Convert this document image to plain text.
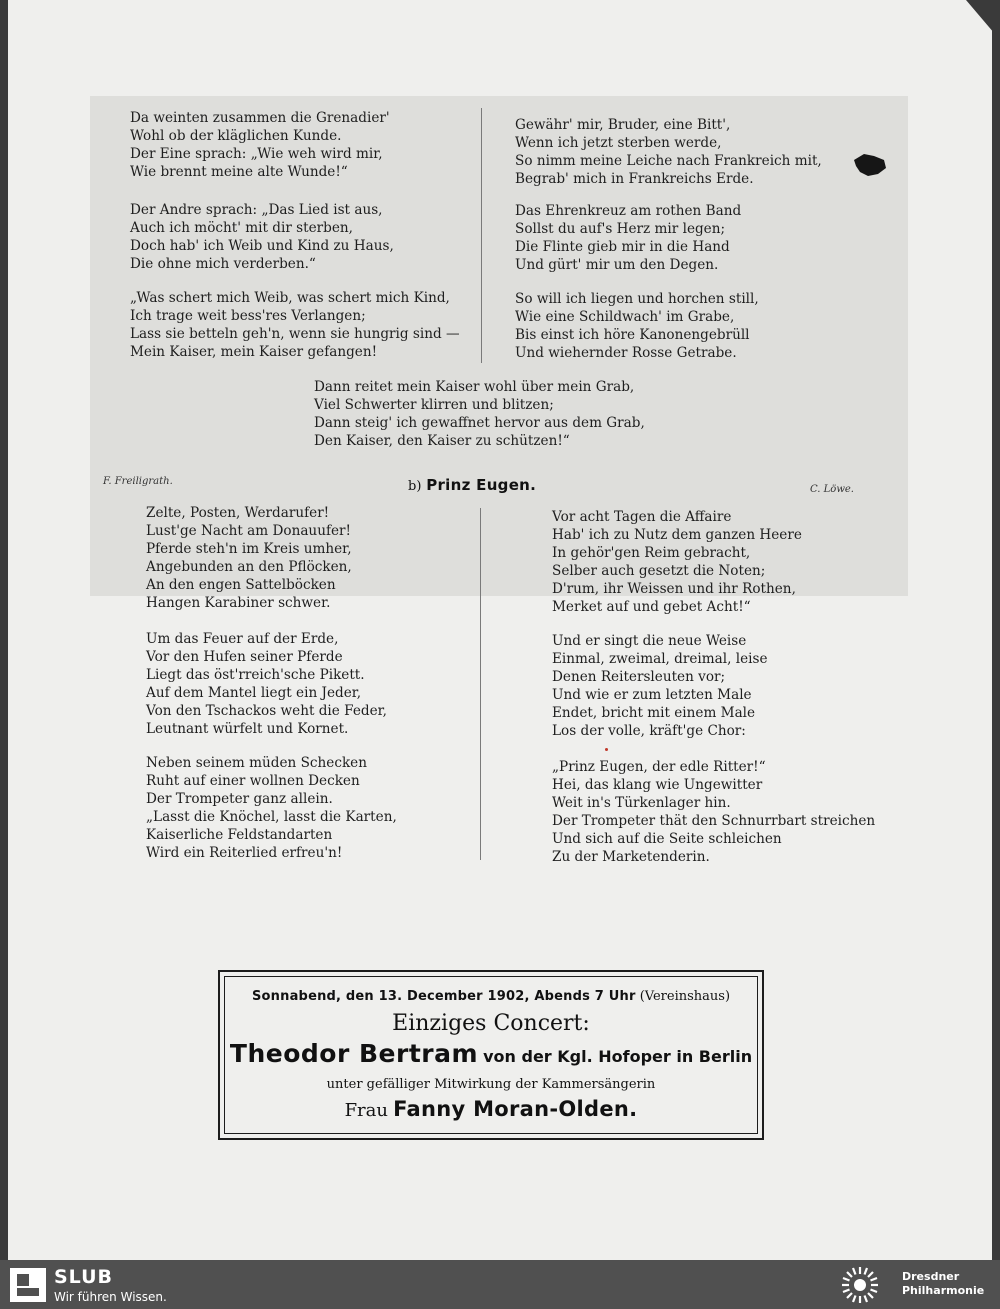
Da weinten zusammen die Grenadier'
Wohl ob der kläglichen Kunde.
Der Eine sprach: „Wie weh wird mir,
Wie brennt meine alte Wunde!“

Der Andre sprach: „Das Lied ist aus,
Auch ich möcht' mit dir sterben,
Doch hab' ich Weib und Kind zu Haus,
Die ohne mich verderben.“

„Was schert mich Weib, was schert mich Kind,
Ich trage weit bess'res Verlangen;
Lass sie betteln geh'n, wenn sie hungrig sind —
Mein Kaiser, mein Kaiser gefangen!

Gewähr' mir, Bruder, eine Bitt',
Wenn ich jetzt sterben werde,
So nimm meine Leiche nach Frankreich mit,
Begrab' mich in Frankreichs Erde.

Das Ehrenkreuz am rothen Band
Sollst du auf's Herz mir legen;
Die Flinte gieb mir in die Hand
Und gürt' mir um den Degen.

So will ich liegen und horchen still,
Wie eine Schildwach' im Grabe,
Bis einst ich höre Kanonengebrüll
Und wiehernder Rosse Getrabe.

Dann reitet mein Kaiser wohl über mein Grab,
Viel Schwerter klirren und blitzen;
Dann steig' ich gewaffnet hervor aus dem Grab,
Den Kaiser, den Kaiser zu schützen!“

F. Freiligrath.	b) Prinz Eugen.	C. Löwe.

Zelte, Posten, Werdarufer!
Lust'ge Nacht am Donauufer!
Pferde steh'n im Kreis umher,
Angebunden an den Pflöcken,
An den engen Sattelböcken
Hangen Karabiner schwer.

Um das Feuer auf der Erde,
Vor den Hufen seiner Pferde
Liegt das öst'rreich'sche Pikett.
Auf dem Mantel liegt ein Jeder,
Von den Tschackos weht die Feder,
Leutnant würfelt und Kornet.

Neben seinem müden Schecken
Ruht auf einer wollnen Decken
Der Trompeter ganz allein.
„Lasst die Knöchel, lasst die Karten,
Kaiserliche Feldstandarten
Wird ein Reiterlied erfreu'n!

Vor acht Tagen die Affaire
Hab' ich zu Nutz dem ganzen Heere
In gehör'gen Reim gebracht,
Selber auch gesetzt die Noten;
D'rum, ihr Weissen und ihr Rothen,
Merket auf und gebet Acht!“

Und er singt die neue Weise
Einmal, zweimal, dreimal, leise
Denen Reitersleuten vor;
Und wie er zum letzten Male
Endet, bricht mit einem Male
Los der volle, kräft'ge Chor:

„Prinz Eugen, der edle Ritter!“
Hei, das klang wie Ungewitter
Weit in's Türkenlager hin.
Der Trompeter thät den Schnurrbart streichen
Und sich auf die Seite schleichen
Zu der Marketenderin.

Sonnabend, den 13. December 1902, Abends 7 Uhr (Vereinshaus)
Einziges Concert:
Theodor Bertram von der Kgl. Hofoper in Berlin
unter gefälliger Mitwirkung der Kammersängerin
Frau Fanny Moran-Olden.
SLUB
Wir führen Wissen.
Dresdner
Philharmonie
